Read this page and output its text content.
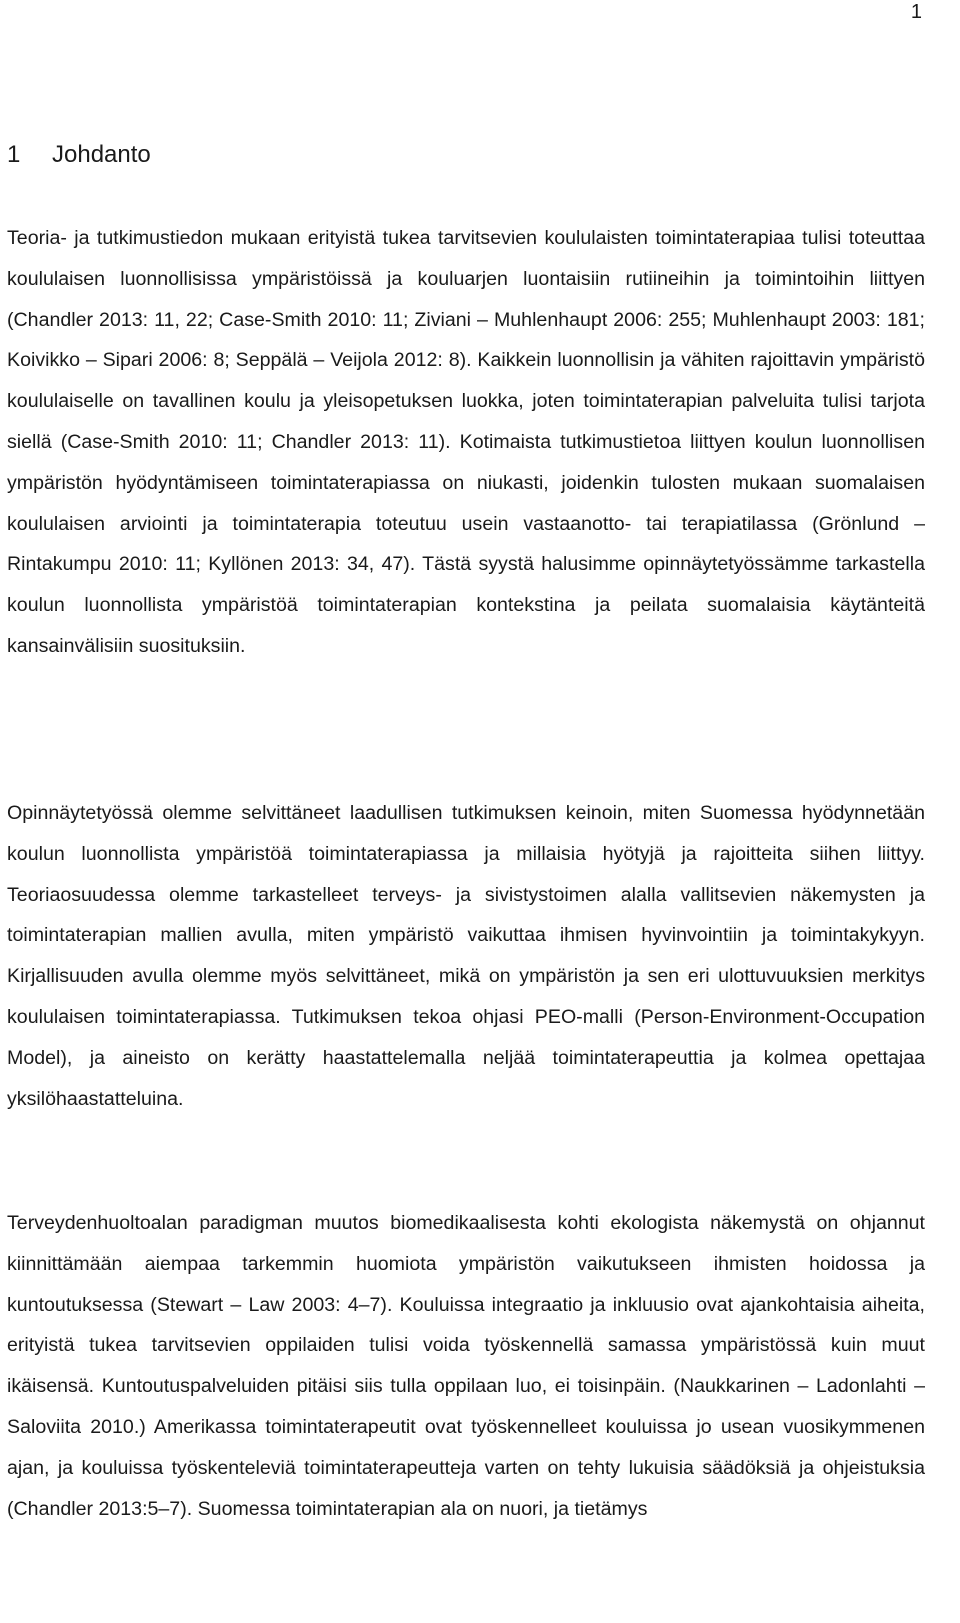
1
1 Johdanto

Teoria- ja tutkimustiedon mukaan erityistä tukea tarvitsevien koululaisten toimintaterapiaa tulisi toteuttaa koululaisen luonnollisissa ympäristöissä ja kouluarjen luontaisiin rutiineihin ja toimintoihin liittyen (Chandler 2013: 11, 22; Case-Smith 2010: 11; Ziviani – Muhlenhaupt 2006: 255; Muhlenhaupt 2003: 181; Koivikko – Sipari 2006: 8; Seppälä – Veijola 2012: 8). Kaikkein luonnollisin ja vähiten rajoittavin ympäristö koululaiselle on tavallinen koulu ja yleisopetuksen luokka, joten toimintaterapian palveluita tulisi tarjota siellä (Case-Smith 2010: 11; Chandler 2013: 11). Kotimaista tutkimustietoa liittyen koulun luonnollisen ympäristön hyödyntämiseen toimintaterapiassa on niukasti, joidenkin tulosten mukaan suomalaisen koululaisen arviointi ja toimintaterapia toteutuu usein vastaanotto- tai terapiatilassa (Grönlund – Rintakumpu 2010: 11; Kyllönen 2013: 34, 47). Tästä syystä halusimme opinnäytetyössämme tarkastella koulun luonnollista ympäristöä toimintaterapian kontekstina ja peilata suomalaisia käytänteitä kansainvälisiin suosituksiin.

Opinnäytetyössä olemme selvittäneet laadullisen tutkimuksen keinoin, miten Suomessa hyödynnetään koulun luonnollista ympäristöä toimintaterapiassa ja millaisia hyötyjä ja rajoitteita siihen liittyy. Teoriaosuudessa olemme tarkastelleet terveys- ja sivistystoimen alalla vallitsevien näkemysten ja toimintaterapian mallien avulla, miten ympäristö vaikuttaa ihmisen hyvinvointiin ja toimintakykyyn. Kirjallisuuden avulla olemme myös selvittäneet, mikä on ympäristön ja sen eri ulottuvuuksien merkitys koululaisen toimintaterapiassa. Tutkimuksen tekoa ohjasi PEO-malli (Person-Environment-Occupation Model), ja aineisto on kerätty haastattelemalla neljää toimintaterapeuttia ja kolmea opettajaa yksilöhaastatteluina.

Terveydenhuoltoalan paradigman muutos biomedikaalisesta kohti ekologista näkemystä on ohjannut kiinnittämään aiempaa tarkemmin huomiota ympäristön vaikutukseen ihmisten hoidossa ja kuntoutuksessa (Stewart – Law 2003: 4–7). Kouluissa integraatio ja inkluusio ovat ajankohtaisia aiheita, erityistä tukea tarvitsevien oppilaiden tulisi voida työskennellä samassa ympäristössä kuin muut ikäisensä. Kuntoutuspalveluiden pitäisi siis tulla oppilaan luo, ei toisinpäin. (Naukkarinen – Ladonlahti – Saloviita 2010.) Amerikassa toimintaterapeutit ovat työskennelleet kouluissa jo usean vuosikymmenen ajan, ja kouluissa työskenteleviä toimintaterapeutteja varten on tehty lukuisia säädöksiä ja ohjeistuksia (Chandler 2013:5–7). Suomessa toimintaterapian ala on nuori, ja tietämys
